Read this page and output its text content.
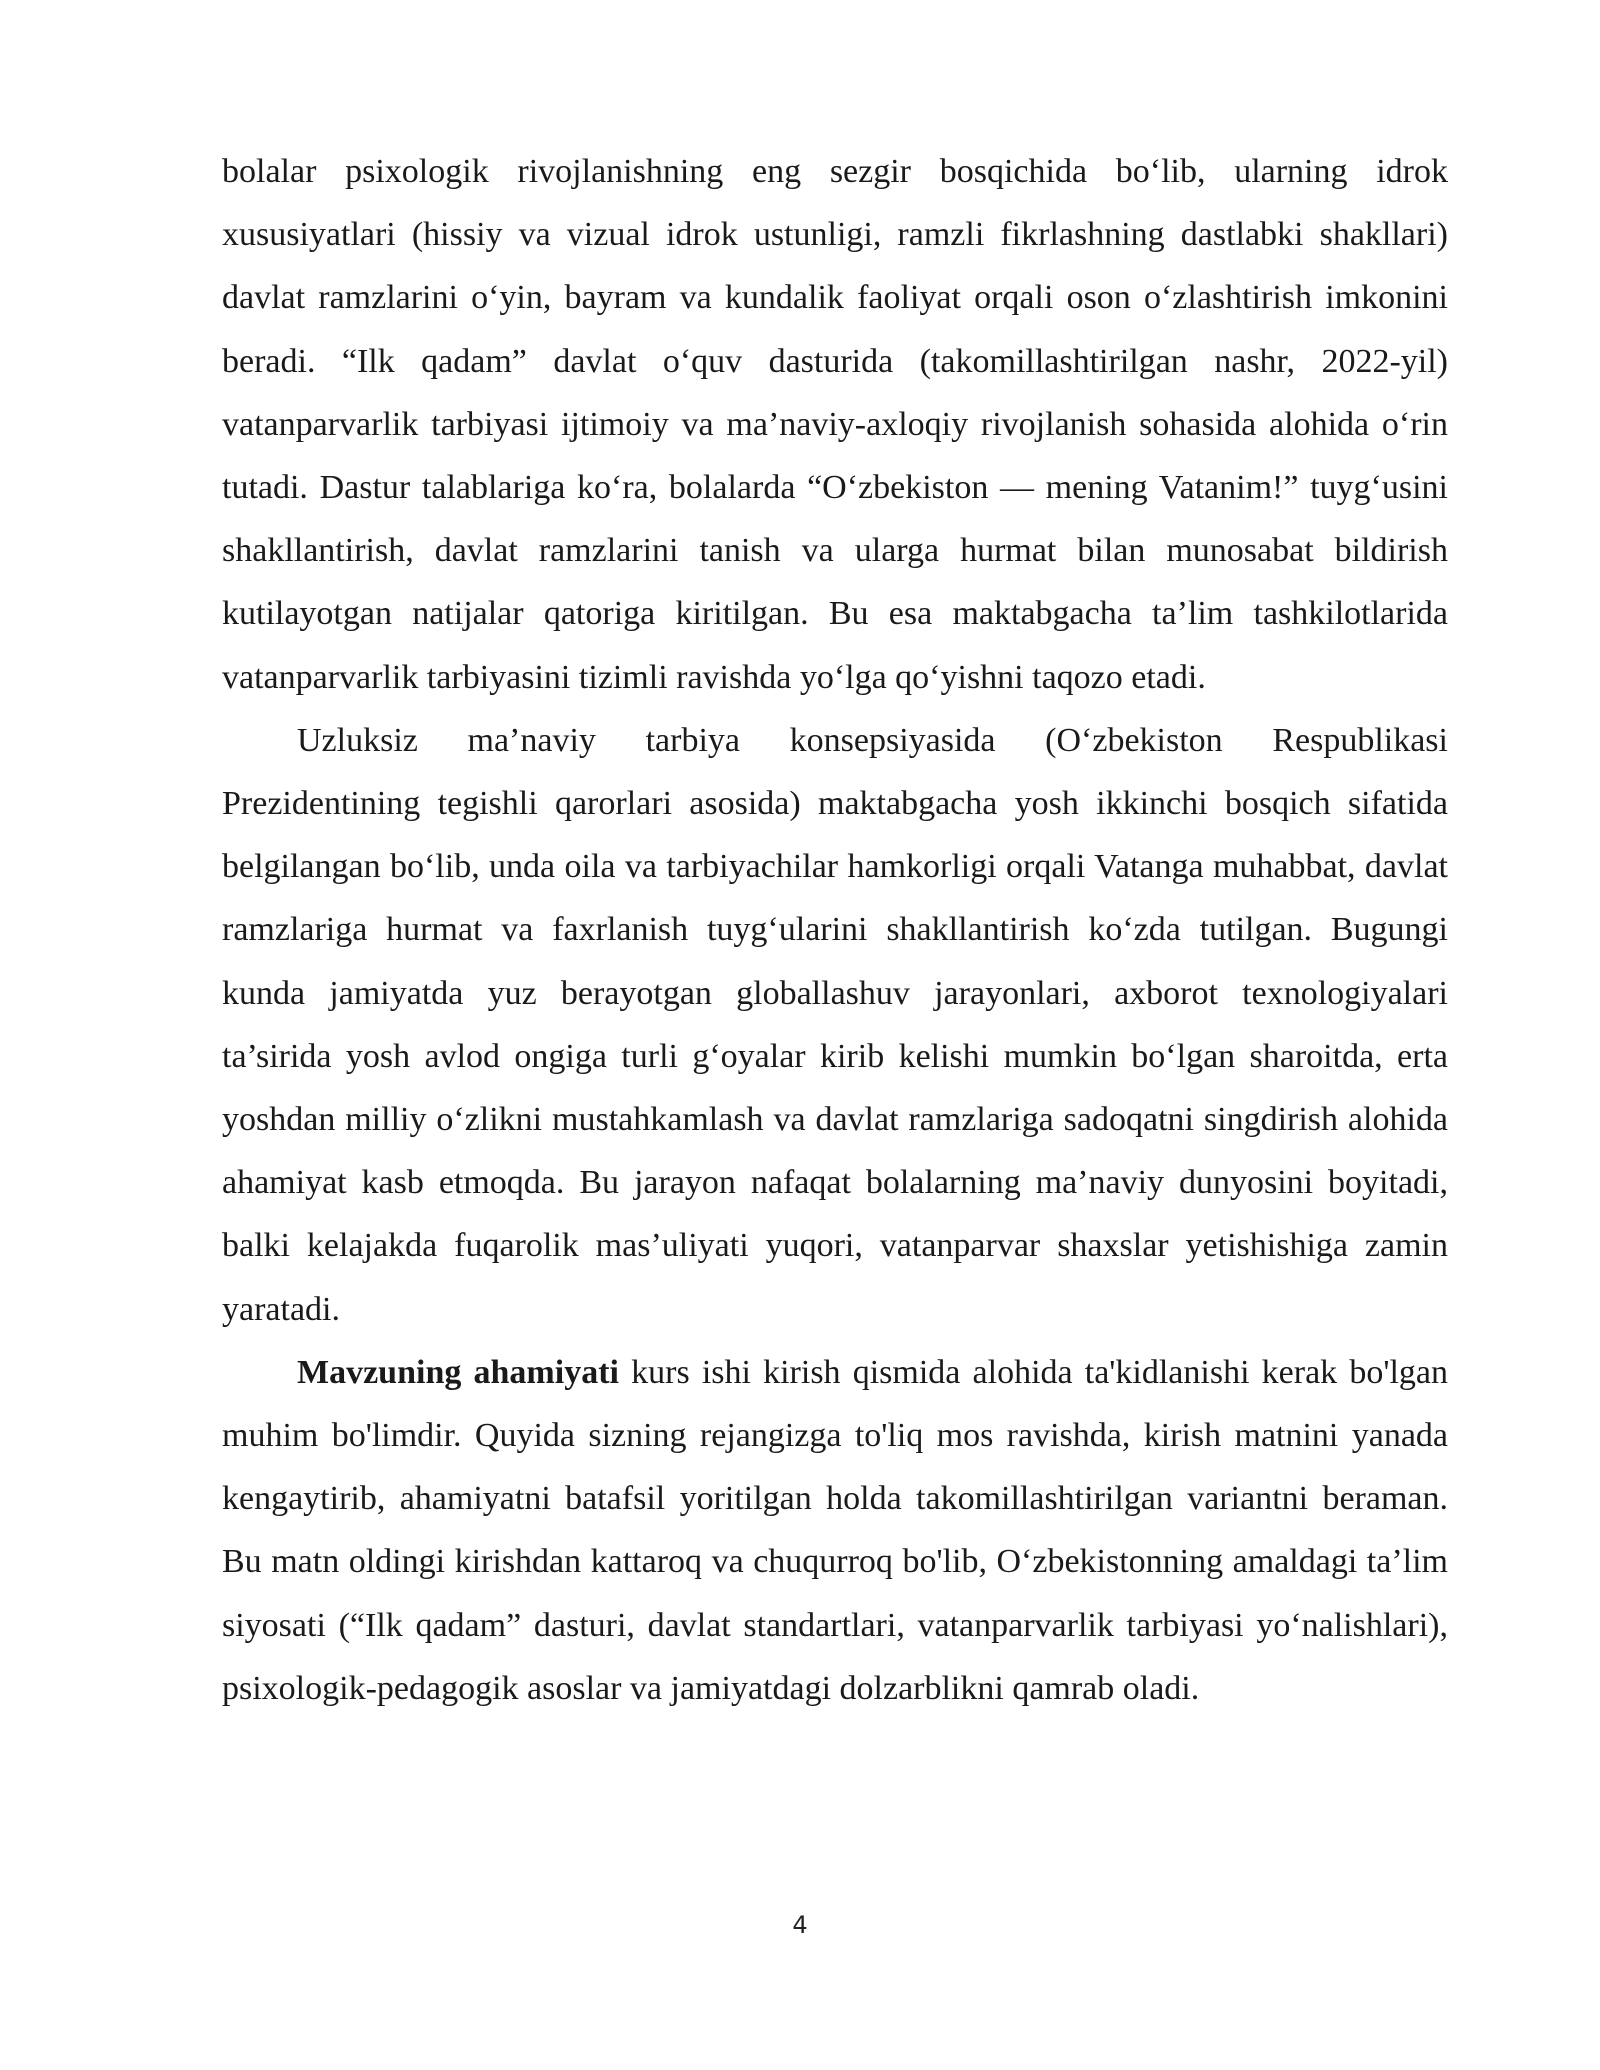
bolalar psixologik rivojlanishning eng sezgir bosqichida bo‘lib, ularning idrok xususiyatlari (hissiy va vizual idrok ustunligi, ramzli fikrlashning dastlabki shakllari) davlat ramzlarini o‘yin, bayram va kundalik faoliyat orqali oson o‘zlashtirish imkonini beradi. “Ilk qadam” davlat o‘quv dasturida (takomillashtirilgan nashr, 2022-yil) vatanparvarlik tarbiyasi ijtimoiy va ma’naviy-axloqiy rivojlanish sohasida alohida o‘rin tutadi. Dastur talablariga ko‘ra, bolalarda “O‘zbekiston — mening Vatanim!” tuyg‘usini shakllantirish, davlat ramzlarini tanish va ularga hurmat bilan munosabat bildirish kutilayotgan natijalar qatoriga kiritilgan. Bu esa maktabgacha ta’lim tashkilotlarida vatanparvarlik tarbiyasini tizimli ravishda yo‘lga qo‘yishni taqozo etadi.

Uzluksiz ma’naviy tarbiya konsepsiyasida (O‘zbekiston Respublikasi Prezidentining tegishli qarorlari asosida) maktabgacha yosh ikkinchi bosqich sifatida belgilangan bo‘lib, unda oila va tarbiyachilar hamkorligi orqali Vatanga muhabbat, davlat ramzlariga hurmat va faxrlanish tuyg‘ularini shakllantirish ko‘zda tutilgan. Bugungi kunda jamiyatda yuz berayotgan globallashuv jarayonlari, axborot texnologiyalari ta’sirida yosh avlod ongiga turli g‘oyalar kirib kelishi mumkin bo‘lgan sharoitda, erta yoshdan milliy o‘zlikni mustahkamlash va davlat ramzlariga sadoqatni singdirish alohida ahamiyat kasb etmoqda. Bu jarayon nafaqat bolalarning ma’naviy dunyosini boyitadi, balki kelajakda fuqarolik mas’uliyati yuqori, vatanparvar shaxslar yetishishiga zamin yaratadi.

Mavzuning ahamiyati kurs ishi kirish qismida alohida ta'kidlanishi kerak bo'lgan muhim bo'limdir. Quyida sizning rejangizga to'liq mos ravishda, kirish matnini yanada kengaytirib, ahamiyatni batafsil yoritilgan holda takomillashtirilgan variantni beraman. Bu matn oldingi kirishdan kattaroq va chuqurroq bo'lib, O‘zbekistonning amaldagi ta’lim siyosati (“Ilk qadam” dasturi, davlat standartlari, vatanparvarlik tarbiyasi yo‘nalishlari), psixologik-pedagogik asoslar va jamiyatdagi dolzarblikni qamrab oladi.

4
